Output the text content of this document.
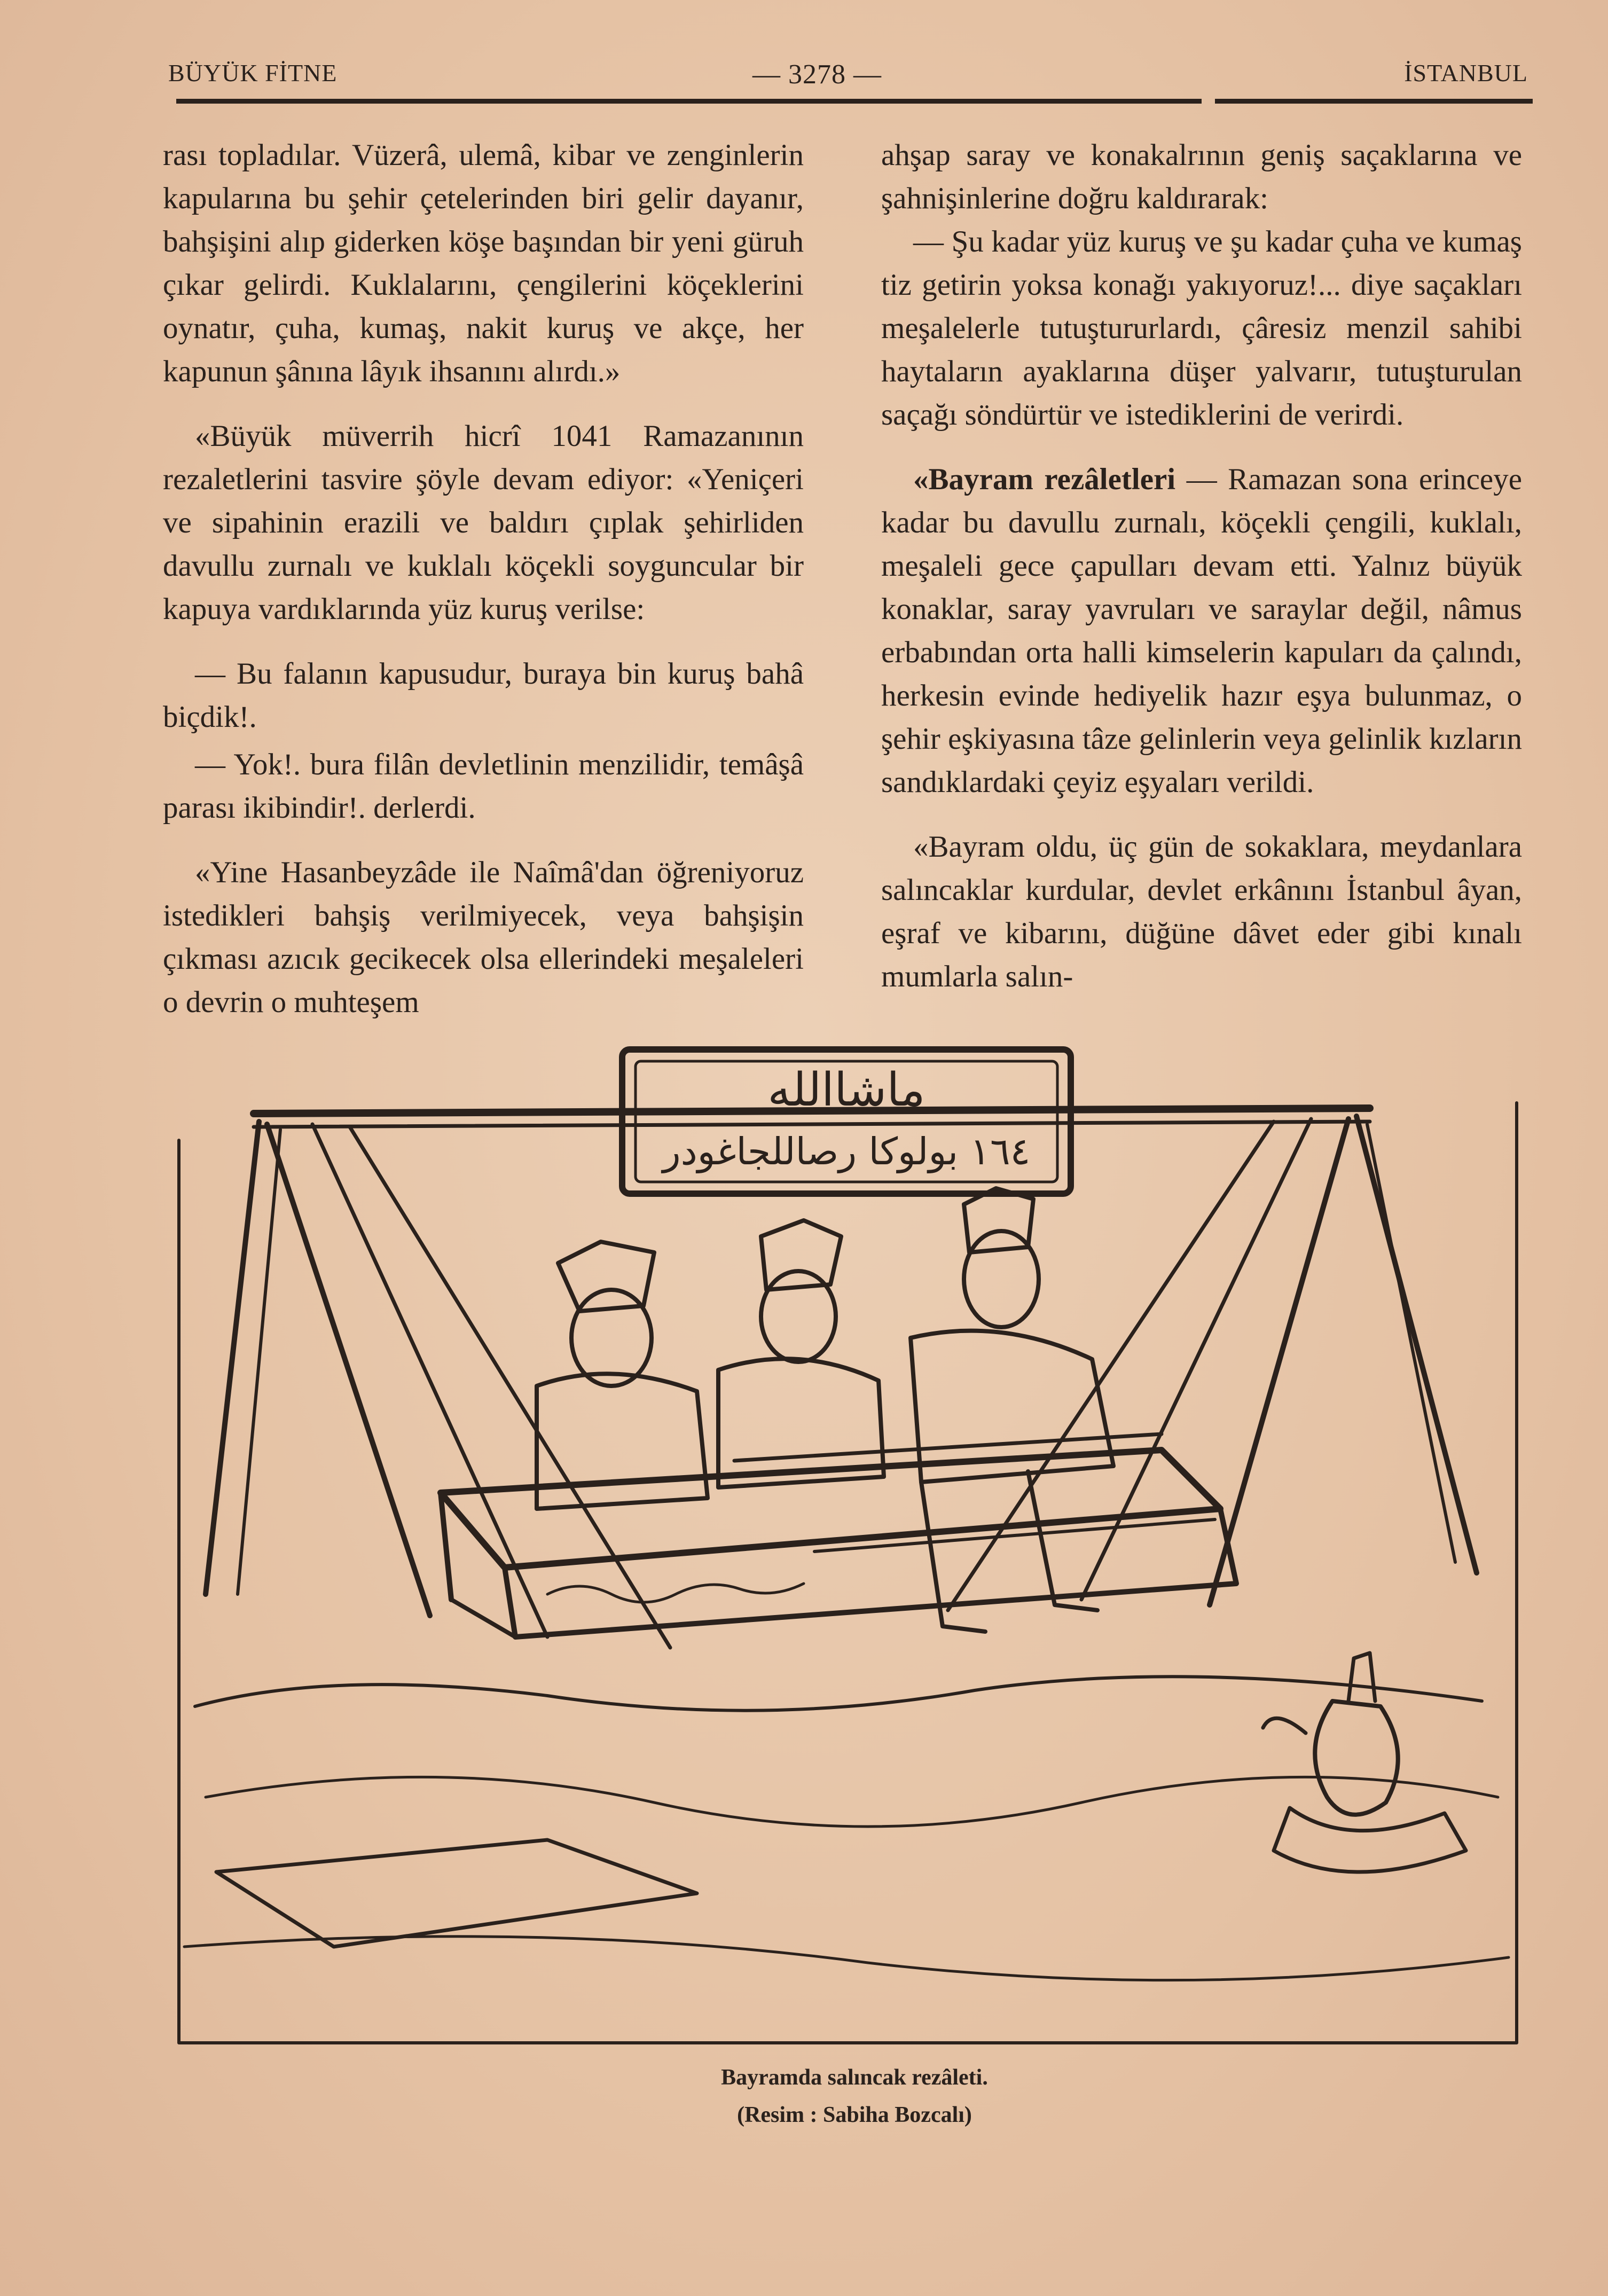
BÜYÜK FİTNE	— 3278 —	İSTANBUL

rası topladılar. Vüzerâ, ulemâ, kibar ve zenginlerin kapularına bu şehir çetelerinden biri gelir dayanır, bahşişini alıp giderken köşe başından bir yeni güruh çıkar gelirdi. Kuklalarını, çengilerini köçeklerini oynatır, çuha, kumaş, nakit kuruş ve akçe, her kapunun şânına lâyık ihsanını alırdı.»

«Büyük müverrih hicrî 1041 Ramazanının rezaletlerini tasvire şöyle devam ediyor: «Yeniçeri ve sipahinin erazili ve baldırı çıplak şehirliden davullu zurnalı ve kuklalı köçekli soyguncular bir kapuya vardıklarında yüz kuruş verilse:

— Bu falanın kapusudur, buraya bin kuruş bahâ biçdik!.

— Yok!. bura filân devletlinin menzilidir, temâşâ parası ikibindir!. derlerdi.

«Yine Hasanbeyzâde ile Naîmâ'dan öğreniyoruz istedikleri bahşiş verilmiyecek, veya bahşişin çıkması azıcık gecikecek olsa ellerindeki meşaleleri o devrin o muhteşem

ahşap saray ve konakalrının geniş saçaklarına ve şahnişinlerine doğru kaldırarak:

— Şu kadar yüz kuruş ve şu kadar çuha ve kumaş tiz getirin yoksa konağı yakıyoruz!... diye saçakları meşalelerle tutuştururlardı, çâresiz menzil sahibi haytaların ayaklarına düşer yalvarır, tutuşturulan saçağı söndürtür ve istediklerini de verirdi.

«Bayram rezâletleri — Ramazan sona erinceye kadar bu davullu zurnalı, köçekli çengili, kuklalı, meşaleli gece çapulları devam etti. Yalnız büyük konaklar, saray yavruları ve saraylar değil, nâmus erbabından orta halli kimselerin kapuları da çalındı, herkesin evinde hediyelik hazır eşya bulunmaz, o şehir eşkiyasına tâze gelinlerin veya gelinlik kızların sandıklardaki çeyiz eşyaları verildi.

«Bayram oldu, üç gün de sokaklara, meydanlara salıncaklar kurdular, devlet erkânını İstanbul âyan, eşraf ve kibarını, düğüne dâvet eder gibi kınalı mumlarla salın-

ماشاالله
١٦٤ بولوكا رصاللجاغودر
Bayramda salıncak rezâleti.
(Resim : Sabiha Bozcalı)
